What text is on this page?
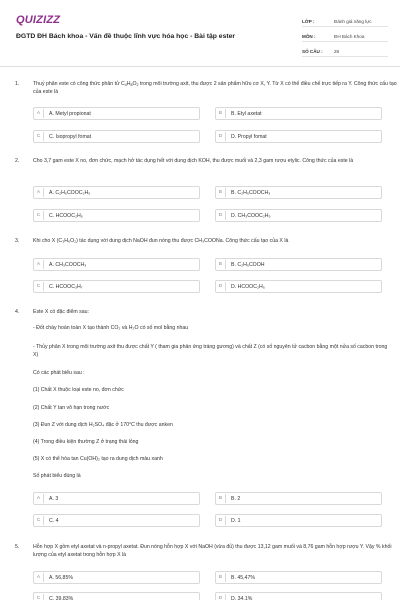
QUIZIZZ
ĐGTD ĐH Bách khoa - Vấn đề thuộc lĩnh vực hóa học - Bài tập ester
LỚP :	Đánh giá năng lực
MÔN :	ĐH Bách Khoa
SỐ CÂU :	28
1.	Thuỷ phân este có công thức phân tử $C_4H_8O_2$ trong môi trường axit, thu được 2 sản phẩm hữu cơ X, Y. Từ X có thể điều chế trực tiếp ra Y. Công thức cấu tạo của este là
A	A. Metyl propionat	B	B. Etyl axetat
C	C. Isopropyl fomat	D	D. Propyl fomat
2.	Cho 3,7 gam este X no, đơn chức, mạch hở tác dụng hết với dung dịch KOH, thu được muối và 2,3 gam rượu etylic. Công thức của este là
A	A. C₂H₅COOC₂H₅	B	B. C₂H₅COOCH₃
C	C. HCOOC₂H₅	D	D. CH₃COOC₂H₅
3.	Khi cho X (C₃H₆O₂) tác dụng với dung dịch NaOH đun nóng thu được CH₃COONa. Công thức cấu tạo của X là
A	A. CH₃COOCH₃	B	B. C₂H₅COOH
C	C. HCOOC₃H₇	D	D. HCOOC₂H₅
4.	Este X có đặc điểm sau:
- Đốt cháy hoàn toàn X tạo thành CO₂ và H₂O có số mol bằng nhau
- Thủy phân X trong môi trường axit thu được chất Y ( tham gia phản ứng tráng gương) và chất Z (có số nguyên tử cacbon bằng một nửa số cacbon trong X)
Có các phát biểu sau :
(1) Chất X thuộc loại este no, đơn chức
(2) Chất Y tan vô hạn trong nước
(3) Đun Z với dung dịch H₂SO₄ đặc ở 170°C thu được anken
(4) Trong điều kiện thường Z ở trạng thái lỏng
(5) X có thể hòa tan Cu(OH)₂ tạo ra dung dịch màu xanh
Số phát biểu đúng là
A	A. 3	B	B. 2
C	C. 4	D	D. 1
5.	Hỗn hợp X gồm etyl axetat và n-propyl axetat. Đun nóng hỗn hợp X với NaOH (vừa đủ) thu được 13,12 gam muối và 8,76 gam hỗn hợp rượu Y. Vậy % khối lượng của etyl axetat trong hỗn hợp X là
A	A. 56,85%	B	B. 45,47%
C	C. 39,83%	D	D. 34,1%
